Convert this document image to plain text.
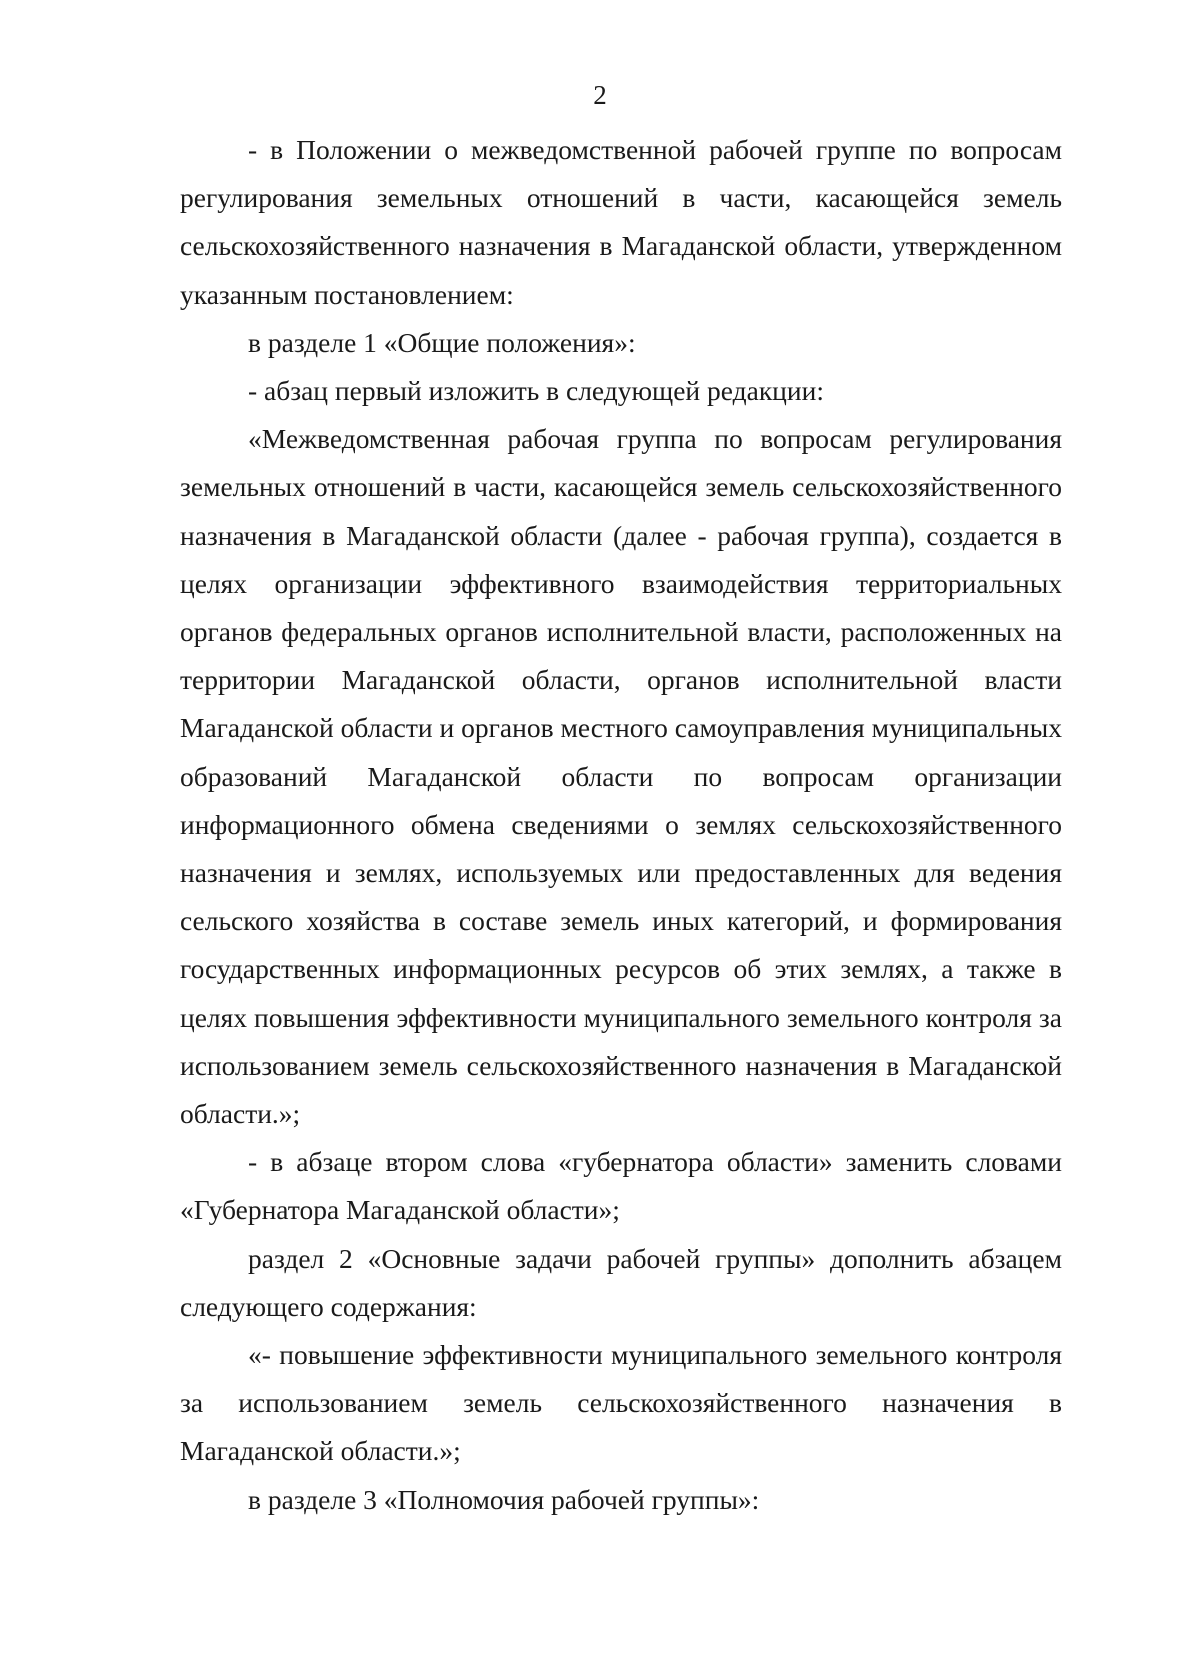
2

- в Положении о межведомственной рабочей группе по вопросам регулирования земельных отношений в части, касающейся земель сельскохозяйственного назначения в Магаданской области, утвержденном указанным постановлением:

в разделе 1 «Общие положения»:

- абзац первый изложить в следующей редакции:

«Межведомственная рабочая группа по вопросам регулирования земельных отношений в части, касающейся земель сельскохозяйственного назначения в Магаданской области (далее - рабочая группа), создается в целях организации эффективного взаимодействия территориальных органов федеральных органов исполнительной власти, расположенных на территории Магаданской области, органов исполнительной власти Магаданской области и органов местного самоуправления муниципальных образований Магаданской области по вопросам организации информационного обмена сведениями о землях сельскохозяйственного назначения и землях, используемых или предоставленных для ведения сельского хозяйства в составе земель иных категорий, и формирования государственных информационных ресурсов об этих землях, а также в целях повышения эффективности муниципального земельного контроля за использованием земель сельскохозяйственного назначения в Магаданской области.»;

- в абзаце втором слова «губернатора области» заменить словами «Губернатора Магаданской области»;

раздел 2 «Основные задачи рабочей группы» дополнить абзацем следующего содержания:

«- повышение эффективности муниципального земельного контроля за использованием земель сельскохозяйственного назначения в Магаданской области.»;

в разделе 3 «Полномочия рабочей группы»:
